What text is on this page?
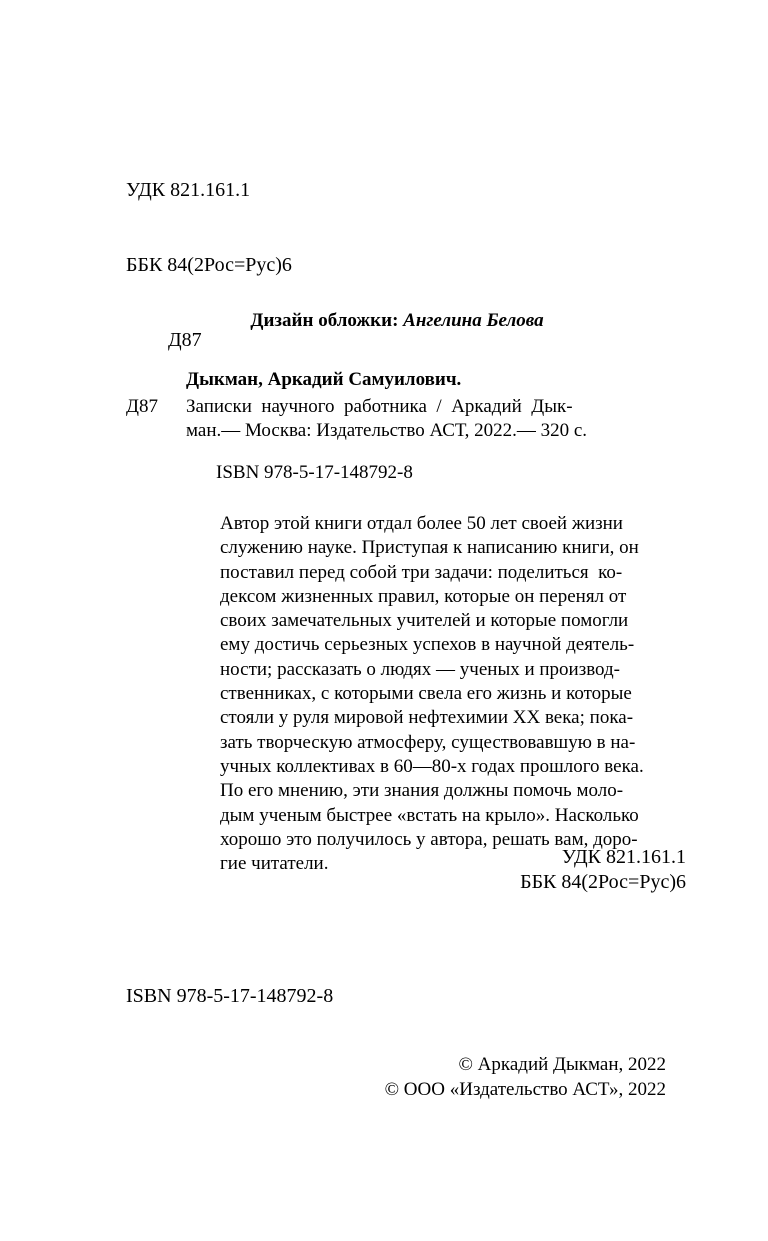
УДК 821.161.1

ББК 84(2Рос=Рус)6

Д87

Дизайн обложки: Ангелина Белова
Дыкман, Аркадий Самуилович.
Д87 Записки  научного  работника  /  Аркадий  Дык-
ман.— Москва: Издательство АСТ, 2022.— 320 с.
ISBN 978-5-17-148792-8

Автор этой книги отдал более 50 лет своей жизни
служению науке. Приступая к написанию книги, он
поставил перед собой три задачи: поделиться  ко-
дексом жизненных правил, которые он перенял от
своих замечательных учителей и которые помогли
ему достичь серьезных успехов в научной деятель-
ности; рассказать о людях — ученых и производ-
ственниках, с которыми свела его жизнь и которые
стояли у руля мировой нефтехимии XX века; пока-
зать творческую атмосферу, существовавшую в на-
учных коллективах в 60—80-х годах прошлого века.

По его мнению, эти знания должны помочь моло-
дым ученым быстрее «встать на крыло». Насколько
хорошо это получилось у автора, решать вам, доро-
гие читатели.	УДК 821.161.1
ББК 84(2Рос=Рус)6
ISBN 978-5-17-148792-8
© Аркадий Дыкман, 2022
© ООО «Издательство АСТ», 2022
